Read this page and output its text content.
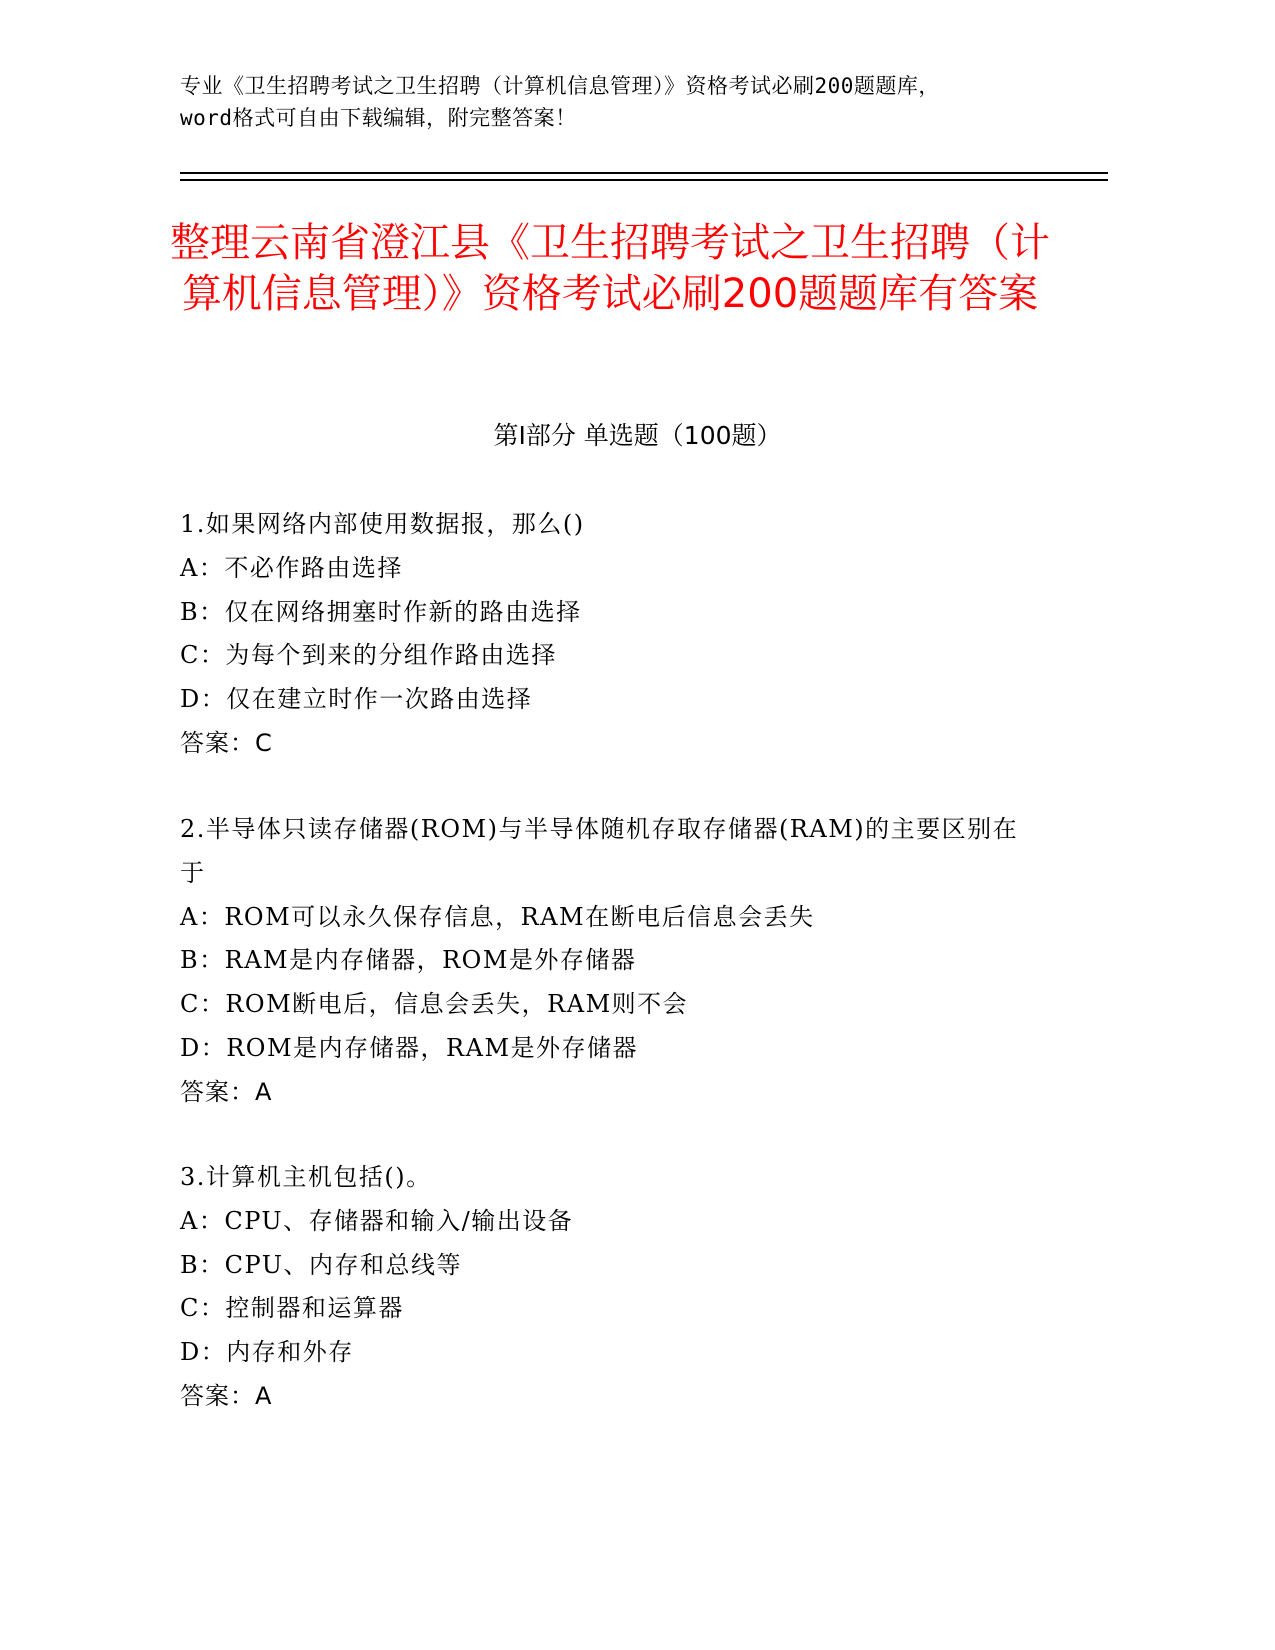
专业《卫生招聘考试之卫生招聘（计算机信息管理）》资格考试必刷200题题库，
word格式可自由下载编辑，附完整答案！
整理云南省澄江县《卫生招聘考试之卫生招聘（计算机信息管理）》资格考试必刷200题题库有答案
第Ⅰ部分 单选题（100题）
1.如果网络内部使用数据报，那么()
A：不必作路由选择
B：仅在网络拥塞时作新的路由选择
C：为每个到来的分组作路由选择
D：仅在建立时作一次路由选择
答案：C
2.半导体只读存储器(ROM)与半导体随机存取存储器(RAM)的主要区别在于
A：ROM可以永久保存信息，RAM在断电后信息会丢失
B：RAM是内存储器，ROM是外存储器
C：ROM断电后，信息会丢失，RAM则不会
D：ROM是内存储器，RAM是外存储器
答案：A
3.计算机主机包括()。
A：CPU、存储器和输入/输出设备
B：CPU、内存和总线等
C：控制器和运算器
D：内存和外存
答案：A
